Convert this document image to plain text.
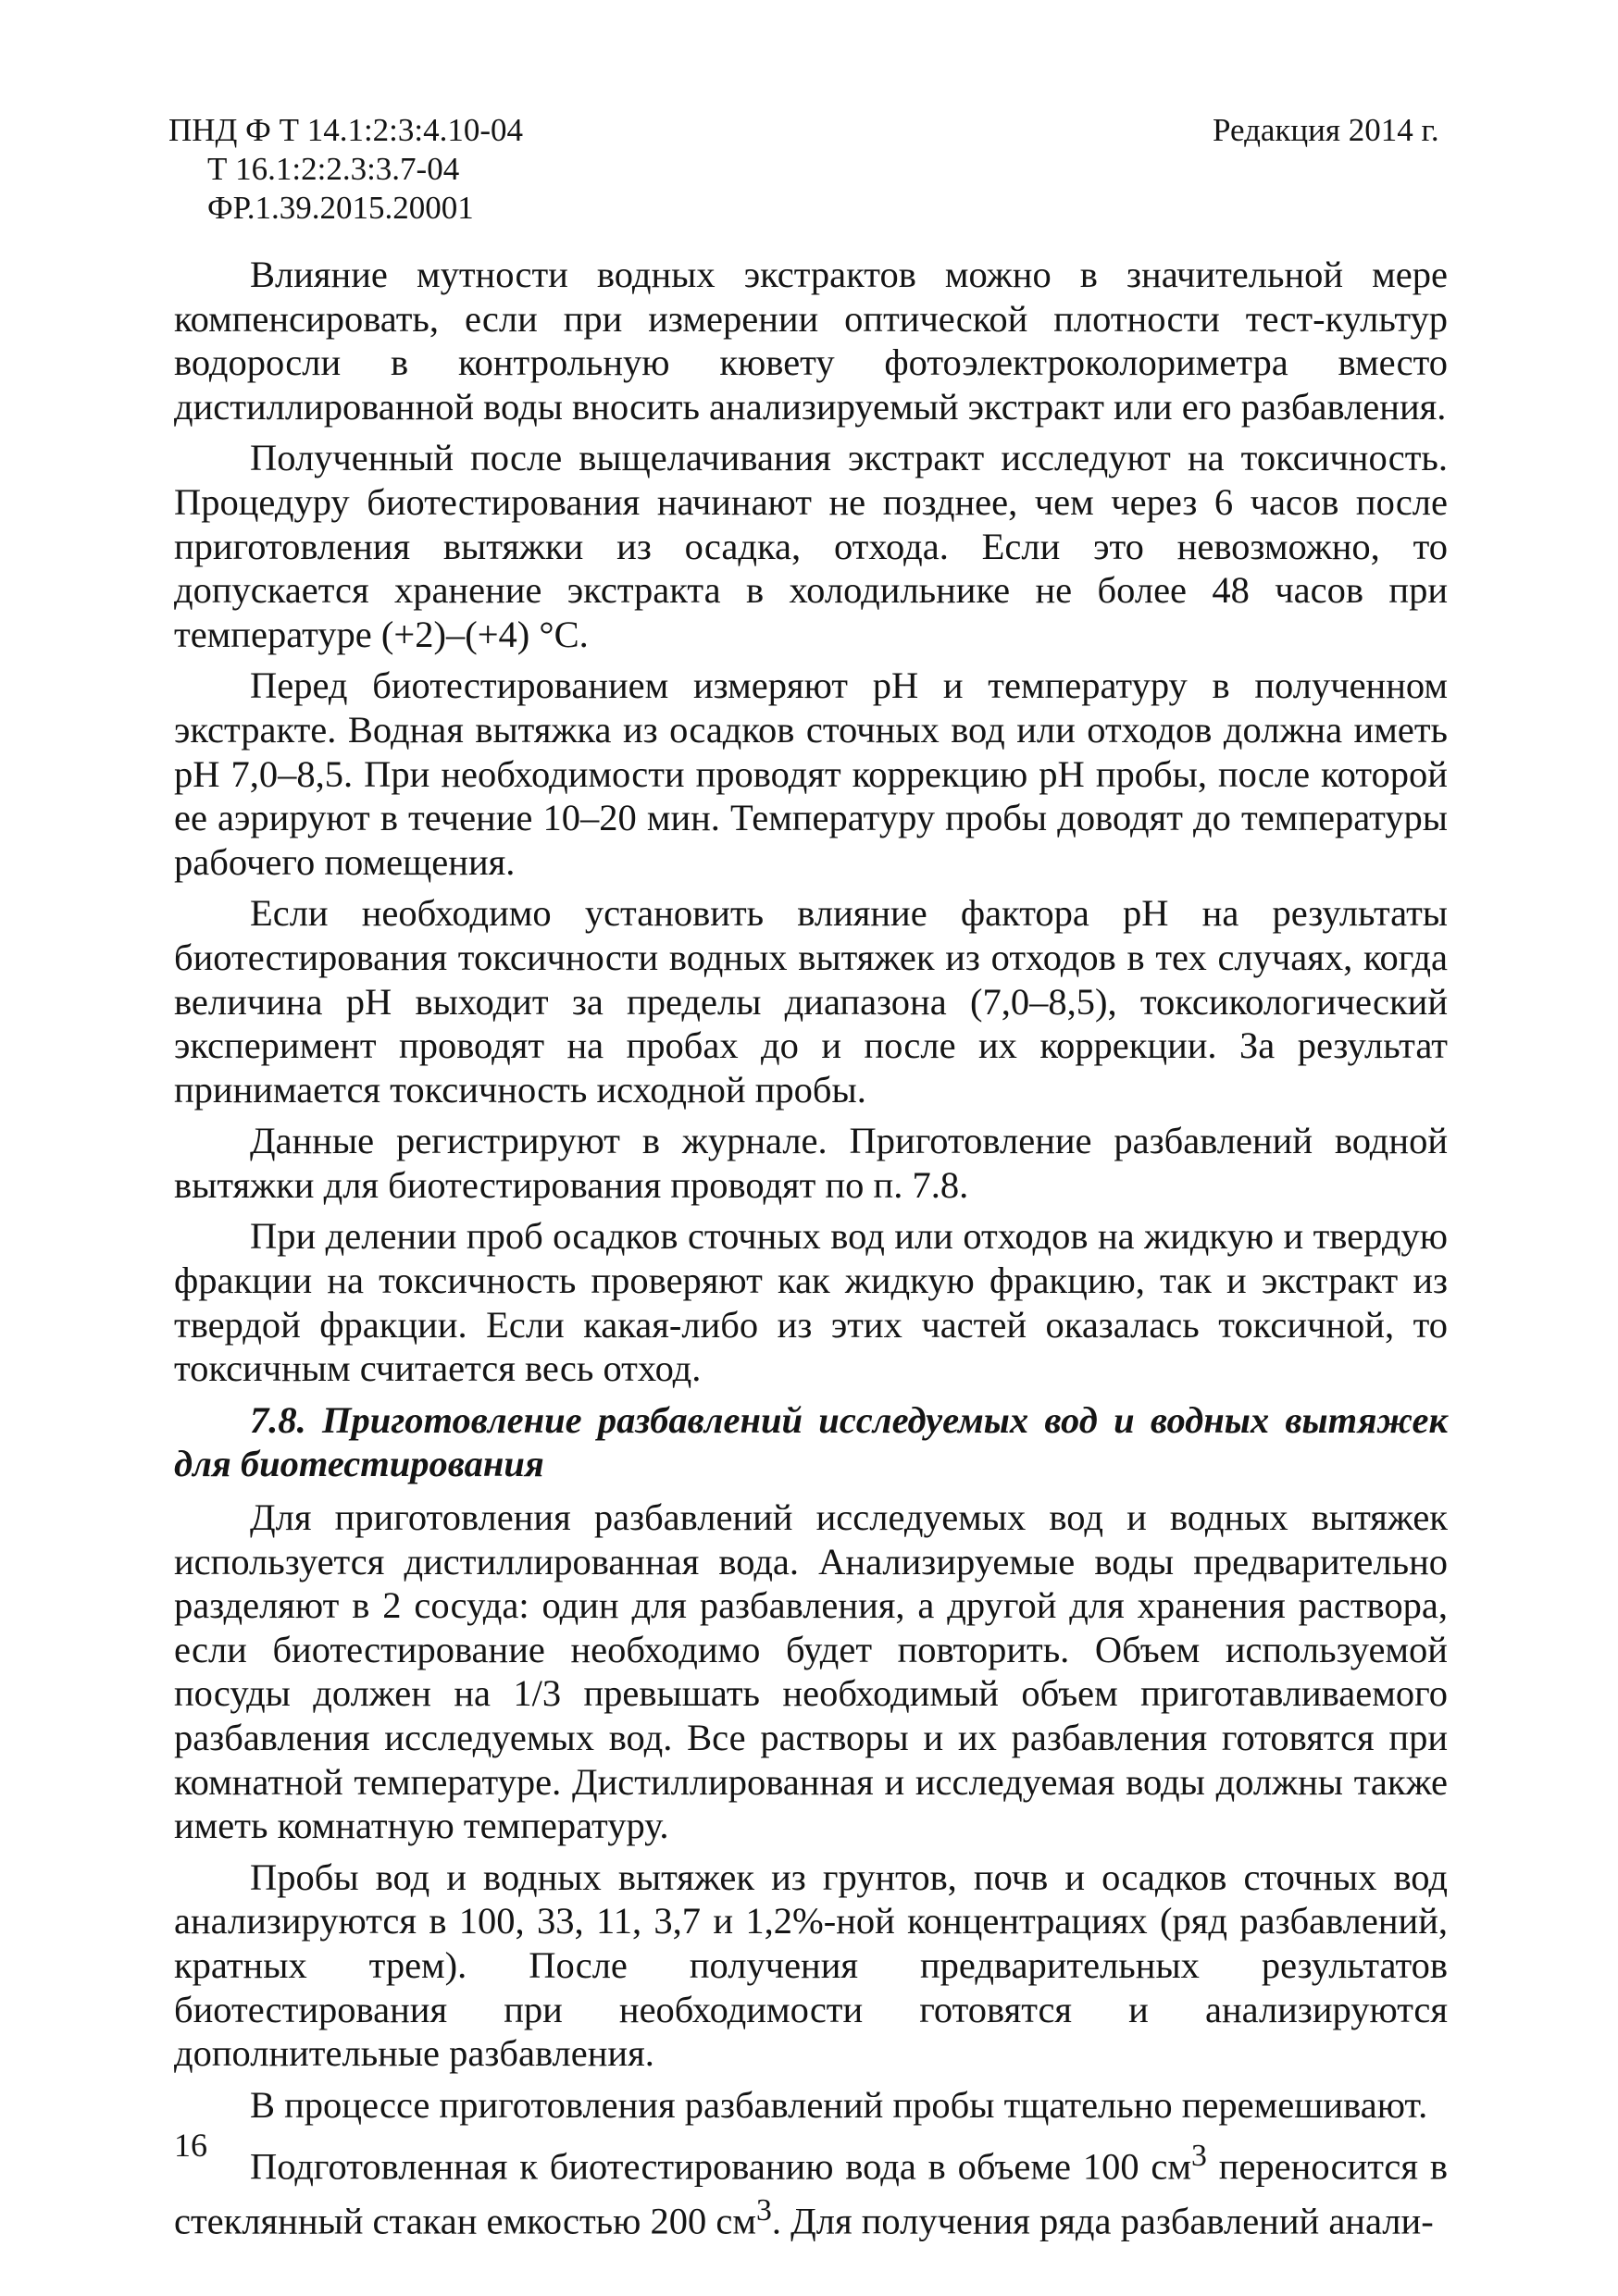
ПНД Ф Т 14.1:2:3:4.10-04
Т 16.1:2:2.3:3.7-04
ФР.1.39.2015.20001
Редакция 2014 г.

Влияние мутности водных экстрактов можно в значительной мере компенсировать, если при измерении оптической плотности тест-культур водоросли в контрольную кювету фотоэлектроколориметра вместо дистиллированной воды вносить анализируемый экстракт или его разбавления.

Полученный после выщелачивания экстракт исследуют на токсичность. Процедуру биотестирования начинают не позднее, чем через 6 часов после приготовления вытяжки из осадка, отхода. Если это невозможно, то допускается хранение экстракта в холодильнике не более 48 часов при температуре (+2)–(+4) °С.

Перед биотестированием измеряют рН и температуру в полученном экстракте. Водная вытяжка из осадков сточных вод или отходов должна иметь рН 7,0–8,5. При необходимости проводят коррекцию рН пробы, после которой ее аэрируют в течение 10–20 мин. Температуру пробы доводят до температуры рабочего помещения.

Если необходимо установить влияние фактора рН на результаты биотестирования токсичности водных вытяжек из отходов в тех случаях, когда величина рН выходит за пределы диапазона (7,0–8,5), токсикологический эксперимент проводят на пробах до и после их коррекции. За результат принимается токсичность исходной пробы.

Данные регистрируют в журнале. Приготовление разбавлений водной вытяжки для биотестирования проводят по п. 7.8.

При делении проб осадков сточных вод или отходов на жидкую и твердую фракции на токсичность проверяют как жидкую фракцию, так и экстракт из твердой фракции. Если какая-либо из этих частей оказалась токсичной, то токсичным считается весь отход.

7.8. Приготовление разбавлений исследуемых вод и водных вытяжек для биотестирования

Для приготовления разбавлений исследуемых вод и водных вытяжек используется дистиллированная вода. Анализируемые воды предварительно разделяют в 2 сосуда: один для разбавления, а другой для хранения раствора, если биотестирование необходимо будет повторить. Объем используемой посуды должен на 1/3 превышать необходимый объем приготавливаемого разбавления исследуемых вод. Все растворы и их разбавления готовятся при комнатной температуре. Дистиллированная и исследуемая воды должны также иметь комнатную температуру.

Пробы вод и водных вытяжек из грунтов, почв и осадков сточных вод анализируются в 100, 33, 11, 3,7 и 1,2%-ной концентрациях (ряд разбавлений, кратных трем). После получения предварительных результатов биотестирования при необходимости готовятся и анализируются дополнительные разбавления.

В процессе приготовления разбавлений пробы тщательно перемешивают.

Подготовленная к биотестированию вода в объеме 100 $см^3$ переносится в стеклянный стакан емкостью 200 $см^3$. Для получения ряда разбавлений анали-

16
